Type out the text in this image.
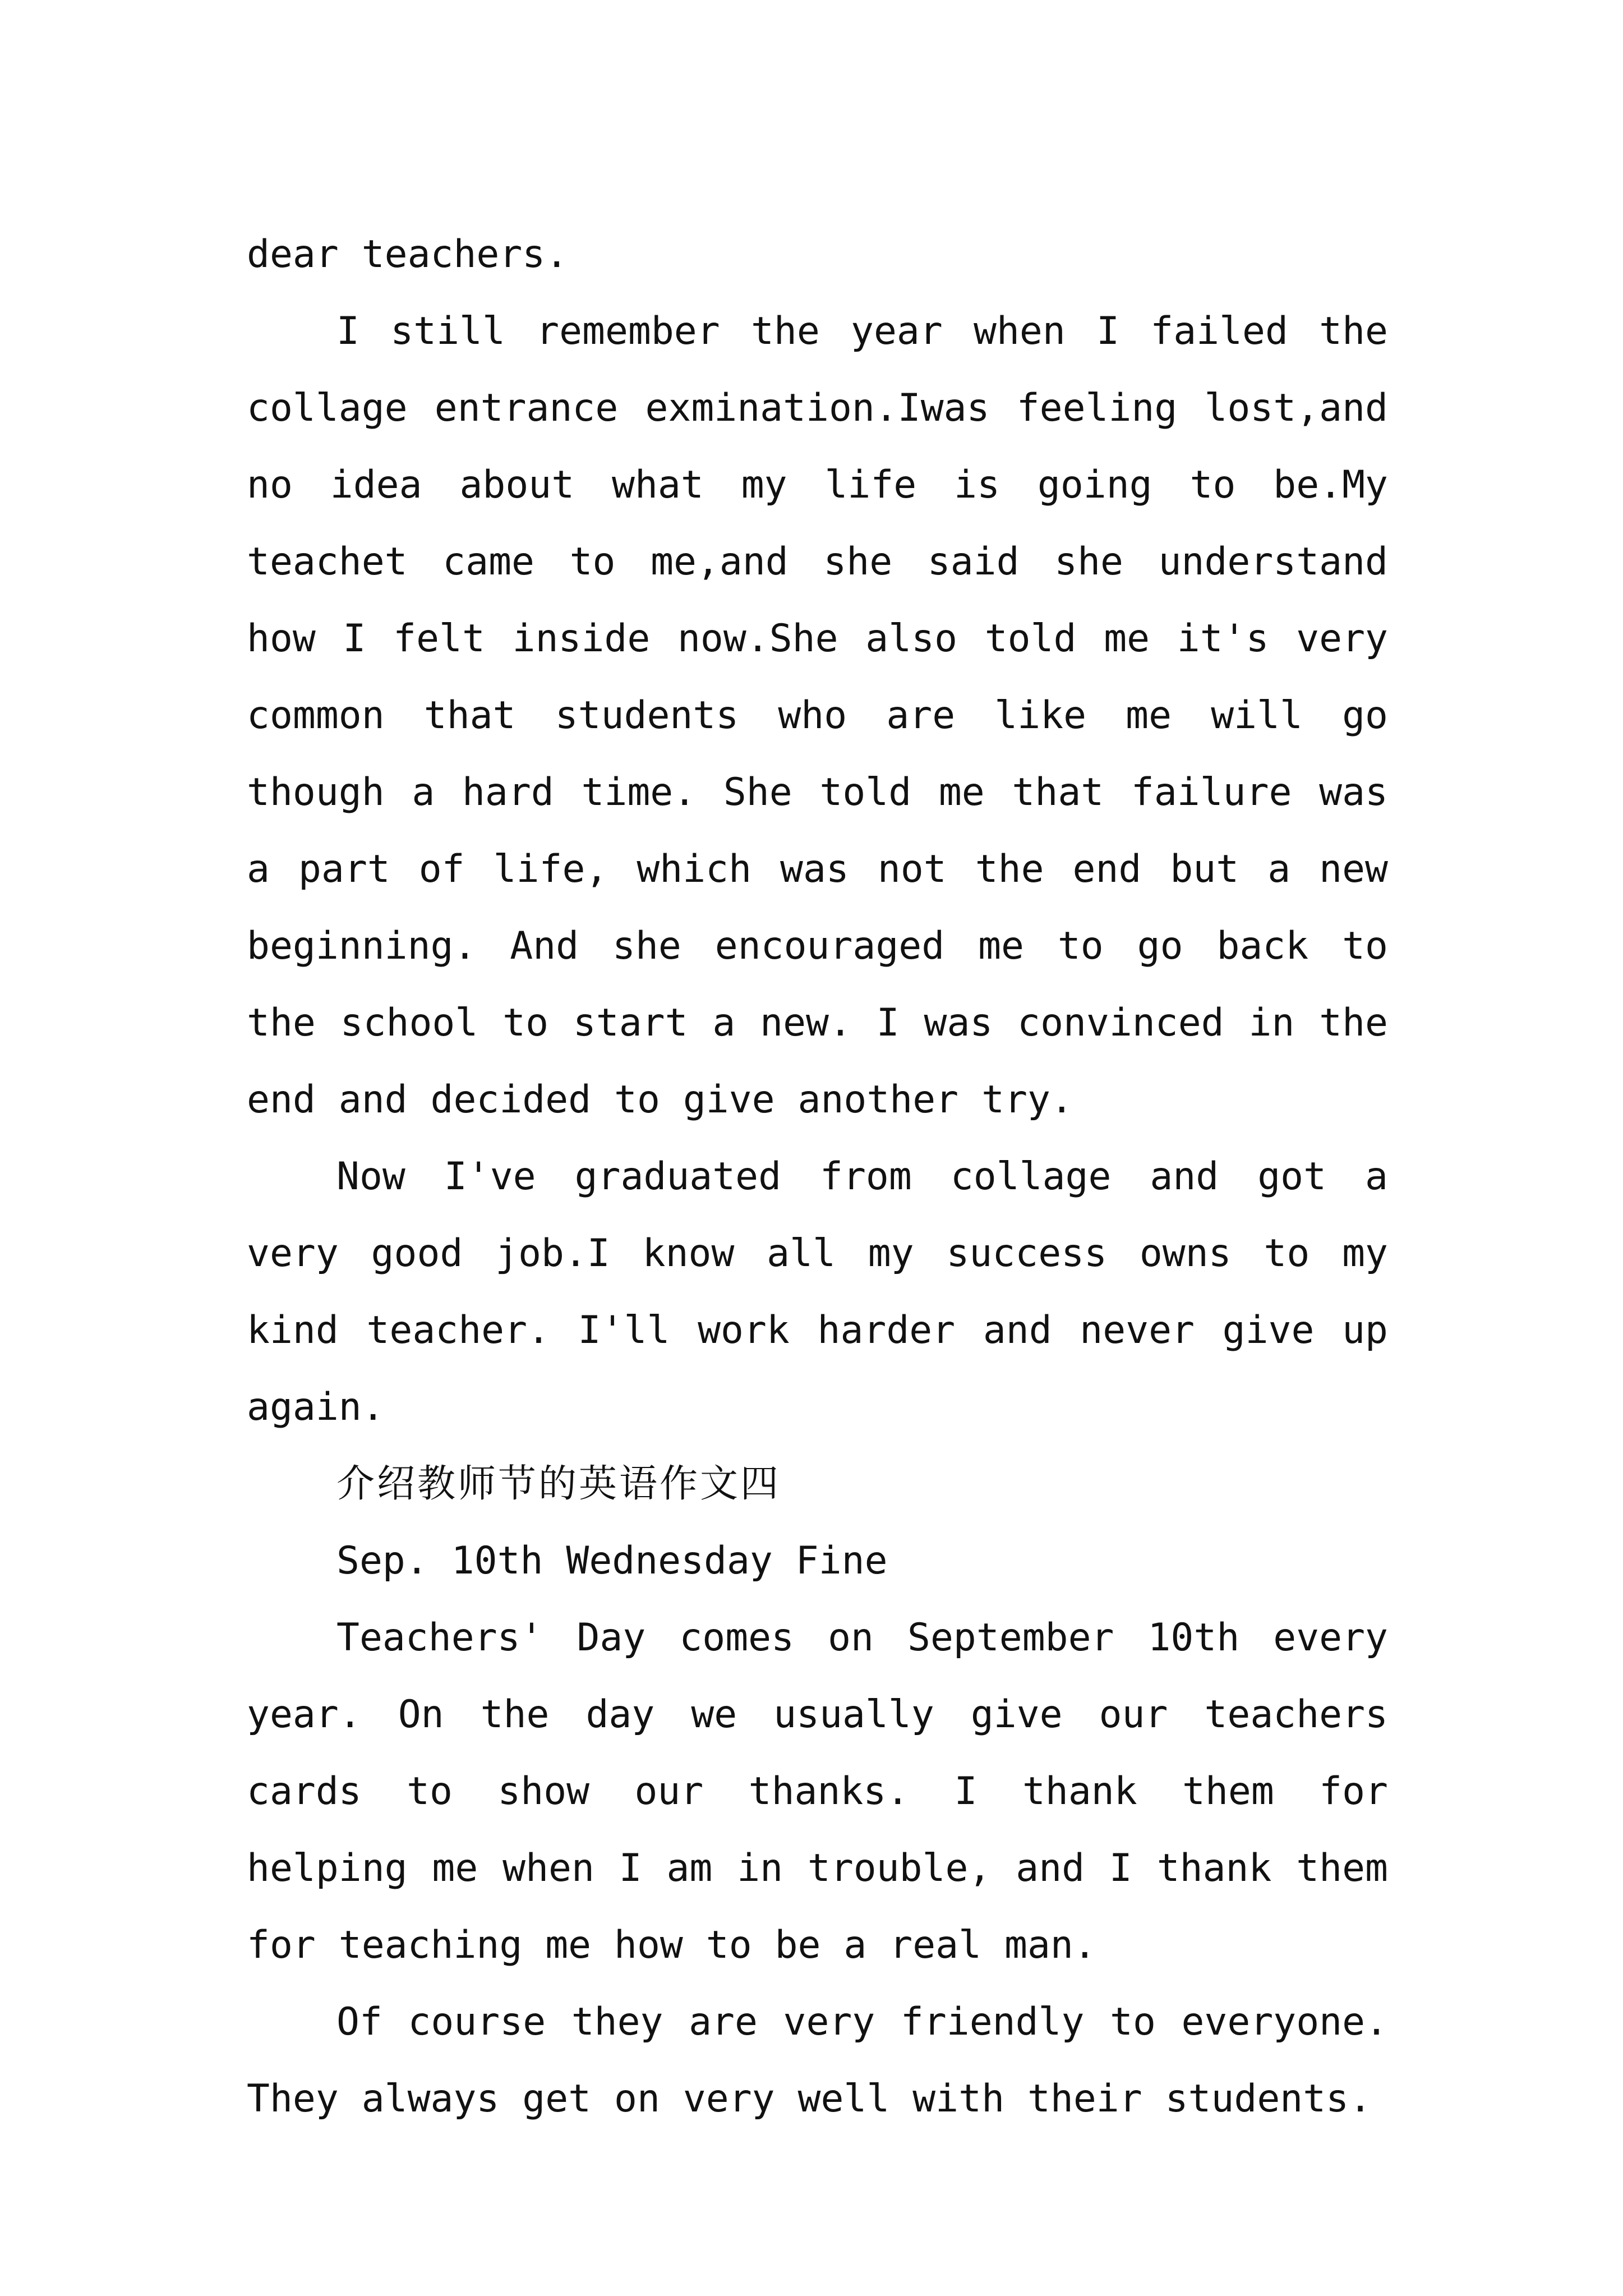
dear teachers.

I still remember the year when I failed the collage entrance exmination.Iwas feeling lost,and no idea about what my life is going to be.My teachet came to me,and she said she understand how I felt inside now.She also told me it's very common that students who are like me will go though a hard time. She told me that failure was a part of life, which was not the end but a new beginning. And she encouraged me to go back to the school to start a new. I was convinced in the end and decided to give another try.

Now I've graduated from collage and got a very good job.I know all my success owns to my kind teacher. I'll work harder and never give up again.

介绍教师节的英语作文四

Sep. 10th Wednesday Fine

Teachers' Day comes on September 10th every year. On the day we usually give our teachers cards to show our thanks. I thank them for helping me when I am in trouble, and I thank them for teaching me how to be a real man.

Of course they are very friendly to everyone. They always get on very well with their students.
